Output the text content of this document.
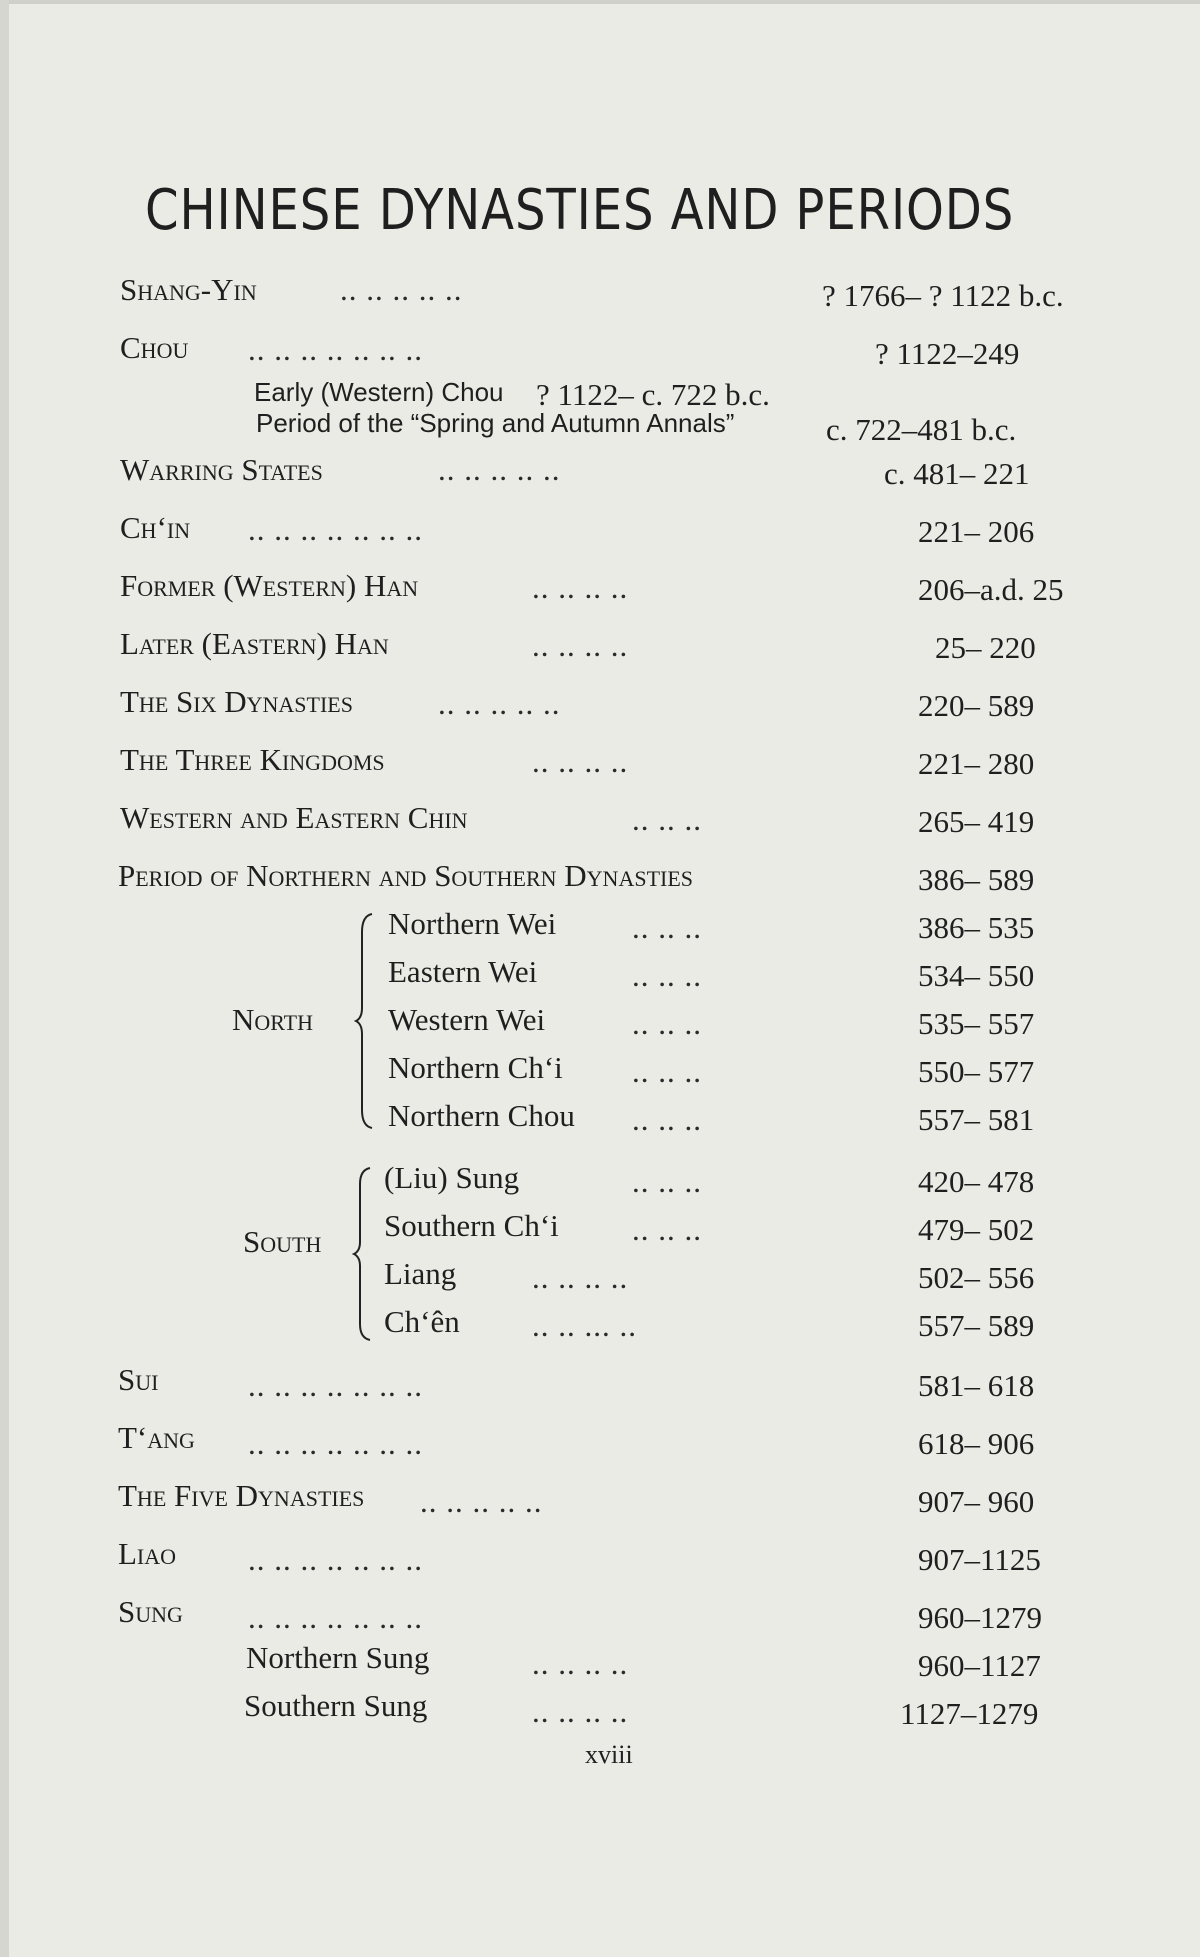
CHINESE DYNASTIES AND PERIODS
Shang-Yin	.. .. .. .. ..	? 1766– ? 1122 b.c.
Chou .. .. .. .. .. .. ..	? 1122–249
Early (Western) Chou ? 1122– c. 722 b.c.
Period of the “Spring and Autumn Annals”	c. 722–481 b.c.
Warring States	.. .. .. .. ..	c. 481– 221
Ch‘in .. .. .. .. .. .. ..	221– 206
Former (Western) Han	.. .. .. ..	206–a.d. 25
Later (Eastern) Han	.. .. .. ..	25– 220
The Six Dynasties	.. .. .. .. ..	220– 589
The Three Kingdoms	.. .. .. ..	221– 280
Western and Eastern Chin	.. .. ..	265– 419
Period of Northern and Southern Dynasties	386– 589
North
Northern Wei .. .. ..	386– 535
Eastern Wei	.. .. ..	534– 550
Western Wei	.. .. ..	535– 557
Northern Ch‘i .. .. ..	550– 577
Northern Chou .. .. ..	557– 581
South
(Liu) Sung	.. .. ..	420– 478
Southern Ch‘i .. .. ..	479– 502
Liang .. .. .. ..	502– 556
Ch‘ên .. .. ... ..	557– 589
Sui	.. .. .. .. .. .. ..	581– 618
T‘ang .. .. .. .. .. .. ..	618– 906
The Five Dynasties .. .. .. .. ..	907– 960
Liao .. .. .. .. .. .. ..	907–1125
Sung .. .. .. .. .. .. ..	960–1279
Northern Sung	.. .. .. ..	960–1127
Southern Sung	.. .. .. ..	1127–1279
xviii
